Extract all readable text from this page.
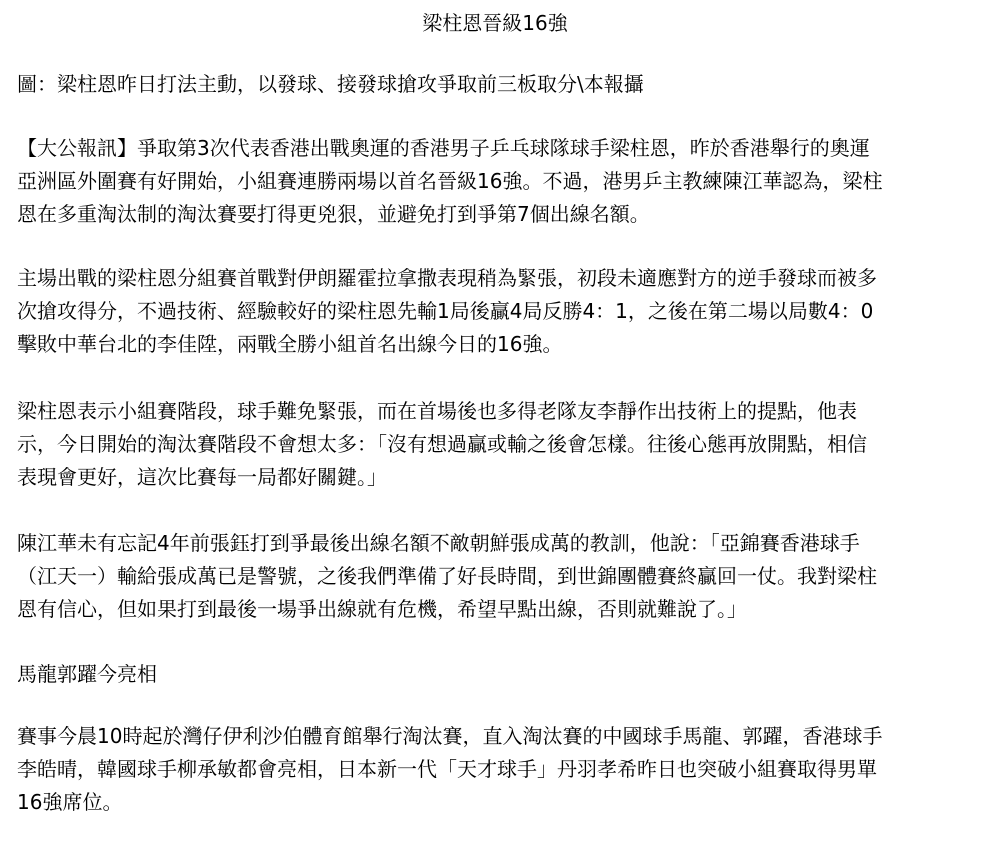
梁柱恩晉級16強

圖：梁柱恩昨日打法主動，以發球、接發球搶攻爭取前三板取分\本報攝

【大公報訊】爭取第3次代表香港出戰奧運的香港男子乒乓球隊球手梁柱恩，昨於香港舉行的奧運
亞洲區外圍賽有好開始，小組賽連勝兩場以首名晉級16強。不過，港男乒主教練陳江華認為，梁柱
恩在多重淘汰制的淘汰賽要打得更兇狠，並避免打到爭第7個出線名額。

主場出戰的梁柱恩分組賽首戰對伊朗羅霍拉拿撒表現稍為緊張，初段未適應對方的逆手發球而被多
次搶攻得分，不過技術、經驗較好的梁柱恩先輸1局後贏4局反勝4：1，之後在第二場以局數4：0
擊敗中華台北的李佳陞，兩戰全勝小組首名出線今日的16強。

梁柱恩表示小組賽階段，球手難免緊張，而在首場後也多得老隊友李靜作出技術上的提點，他表
示，今日開始的淘汰賽階段不會想太多：「沒有想過贏或輸之後會怎樣。往後心態再放開點，相信
表現會更好，這次比賽每一局都好關鍵。」

陳江華未有忘記4年前張鈺打到爭最後出線名額不敵朝鮮張成萬的教訓，他說：「亞錦賽香港球手
（江天一）輸給張成萬已是警號，之後我們準備了好長時間，到世錦團體賽終贏回一仗。我對梁柱
恩有信心，但如果打到最後一場爭出線就有危機，希望早點出線，否則就難說了。」

馬龍郭躍今亮相

賽事今晨10時起於灣仔伊利沙伯體育館舉行淘汰賽，直入淘汰賽的中國球手馬龍、郭躍，香港球手
李皓晴，韓國球手柳承敏都會亮相，日本新一代「天才球手」丹羽孝希昨日也突破小組賽取得男單
16強席位。
